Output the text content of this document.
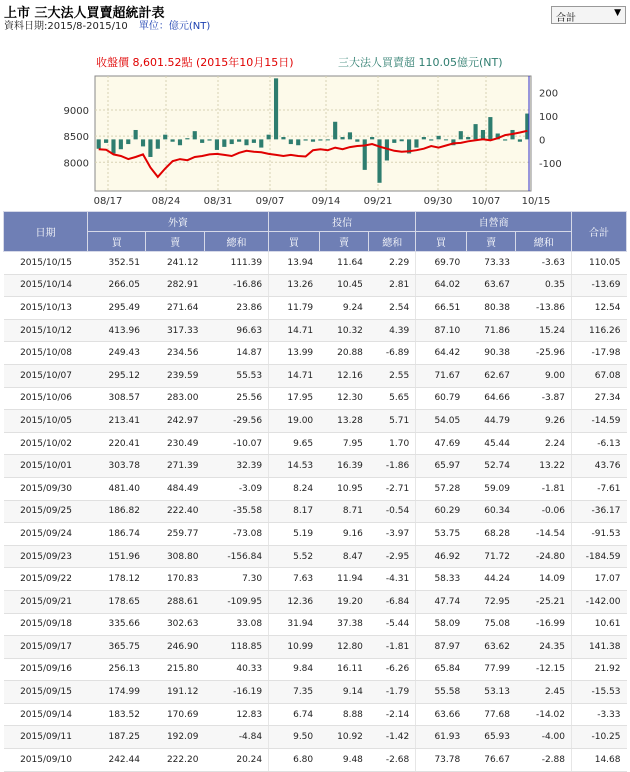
上市 三大法人買賣超統計表
資料日期:2015/8-2015/10 單位：億元(NT)
合計	▼
收盤價 8,601.52點 (2015年10月15日)	三大法人買賣超 110.05億元(NT)
9000
8500
8000
200
100
0
-100
08/17	08/24 08/31 09/07	09/14 09/21	09/30 10/07 10/15
日期	外資			投信			自營商			合計
	買	賣	總和	買	賣	總和	買	賣	總和	
2015/10/15	352.51	241.12	111.39	13.94	11.64	2.29	69.70	73.33	-3.63	110.05
2015/10/14	266.05	282.91	-16.86	13.26	10.45	2.81	64.02	63.67	0.35	-13.69
2015/10/13	295.49	271.64	23.86	11.79	9.24	2.54	66.51	80.38	-13.86	12.54
2015/10/12	413.96	317.33	96.63	14.71	10.32	4.39	87.10	71.86	15.24	116.26
2015/10/08	249.43	234.56	14.87	13.99	20.88	-6.89	64.42	90.38	-25.96	-17.98
2015/10/07	295.12	239.59	55.53	14.71	12.16	2.55	71.67	62.67	9.00	67.08
2015/10/06	308.57	283.00	25.56	17.95	12.30	5.65	60.79	64.66	-3.87	27.34
2015/10/05	213.41	242.97	-29.56	19.00	13.28	5.71	54.05	44.79	9.26	-14.59
2015/10/02	220.41	230.49	-10.07	9.65	7.95	1.70	47.69	45.44	2.24	-6.13
2015/10/01	303.78	271.39	32.39	14.53	16.39	-1.86	65.97	52.74	13.22	43.76
2015/09/30	481.40	484.49	-3.09	8.24	10.95	-2.71	57.28	59.09	-1.81	-7.61
2015/09/25	186.82	222.40	-35.58	8.17	8.71	-0.54	60.29	60.34	-0.06	-36.17
2015/09/24	186.74	259.77	-73.08	5.19	9.16	-3.97	53.75	68.28	-14.54	-91.53
2015/09/23	151.96	308.80	-156.84	5.52	8.47	-2.95	46.92	71.72	-24.80	-184.59
2015/09/22	178.12	170.83	7.30	7.63	11.94	-4.31	58.33	44.24	14.09	17.07
2015/09/21	178.65	288.61	-109.95	12.36	19.20	-6.84	47.74	72.95	-25.21	-142.00
2015/09/18	335.66	302.63	33.08	31.94	37.38	-5.44	58.09	75.08	-16.99	10.61
2015/09/17	365.75	246.90	118.85	10.99	12.80	-1.81	87.97	63.62	24.35	141.38
2015/09/16	256.13	215.80	40.33	9.84	16.11	-6.26	65.84	77.99	-12.15	21.92
2015/09/15	174.99	191.12	-16.19	7.35	9.14	-1.79	55.58	53.13	2.45	-15.53
2015/09/14	183.52	170.69	12.83	6.74	8.88	-2.14	63.66	77.68	-14.02	-3.33
2015/09/11	187.25	192.09	-4.84	9.50	10.92	-1.42	61.93	65.93	-4.00	-10.25
2015/09/10	242.44	222.20	20.24	6.80	9.48	-2.68	73.78	76.67	-2.88	14.68
